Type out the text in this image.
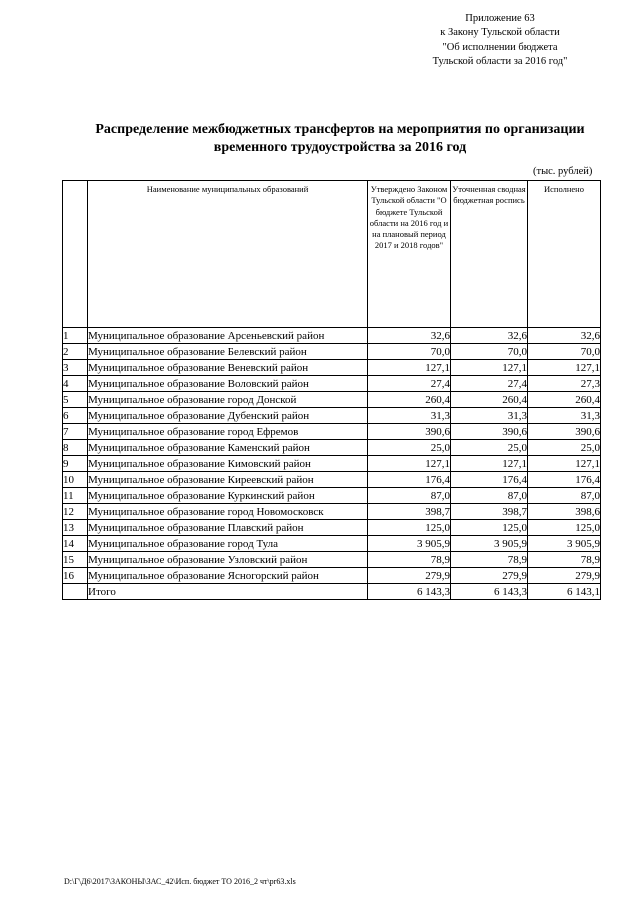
Приложение 63
к Закону Тульской области
"Об исполнении бюджета
Тульской области за 2016 год"
Распределение межбюджетных трансфертов на мероприятия по организации
временного трудоустройства за 2016 год
(тыс. рублей)
	Наименование муниципальных образований	Утверждено Законом Тульской области "О бюджете Тульской области на 2016 год и на плановый период 2017 и 2018 годов"	Уточненная сводная бюджетная роспись	Исполнено
1	Муниципальное образование Арсеньевский район	32,6	32,6	32,6
2	Муниципальное образование Белевский район	70,0	70,0	70,0
3	Муниципальное образование Веневский район	127,1	127,1	127,1
4	Муниципальное образование Воловский район	27,4	27,4	27,3
5	Муниципальное образование город Донской	260,4	260,4	260,4
6	Муниципальное образование Дубенский район	31,3	31,3	31,3
7	Муниципальное образование город Ефремов	390,6	390,6	390,6
8	Муниципальное образование Каменский район	25,0	25,0	25,0
9	Муниципальное образование Кимовский район	127,1	127,1	127,1
10	Муниципальное образование Киреевский район	176,4	176,4	176,4
11	Муниципальное образование Куркинский район	87,0	87,0	87,0
12	Муниципальное образование город Новомосковск	398,7	398,7	398,6
13	Муниципальное образование Плавский район	125,0	125,0	125,0
14	Муниципальное образование город Тула	3 905,9	3 905,9	3 905,9
15	Муниципальное образование Узловский район	78,9	78,9	78,9
16	Муниципальное образование Ясногорский район	279,9	279,9	279,9
	Итого	6 143,3	6 143,3	6 143,1
D:\Г\Д6\2017\ЗАКОНЫ\ЗАС_42\Исп. бюджет ТО 2016_2 чт\pr63.xls
